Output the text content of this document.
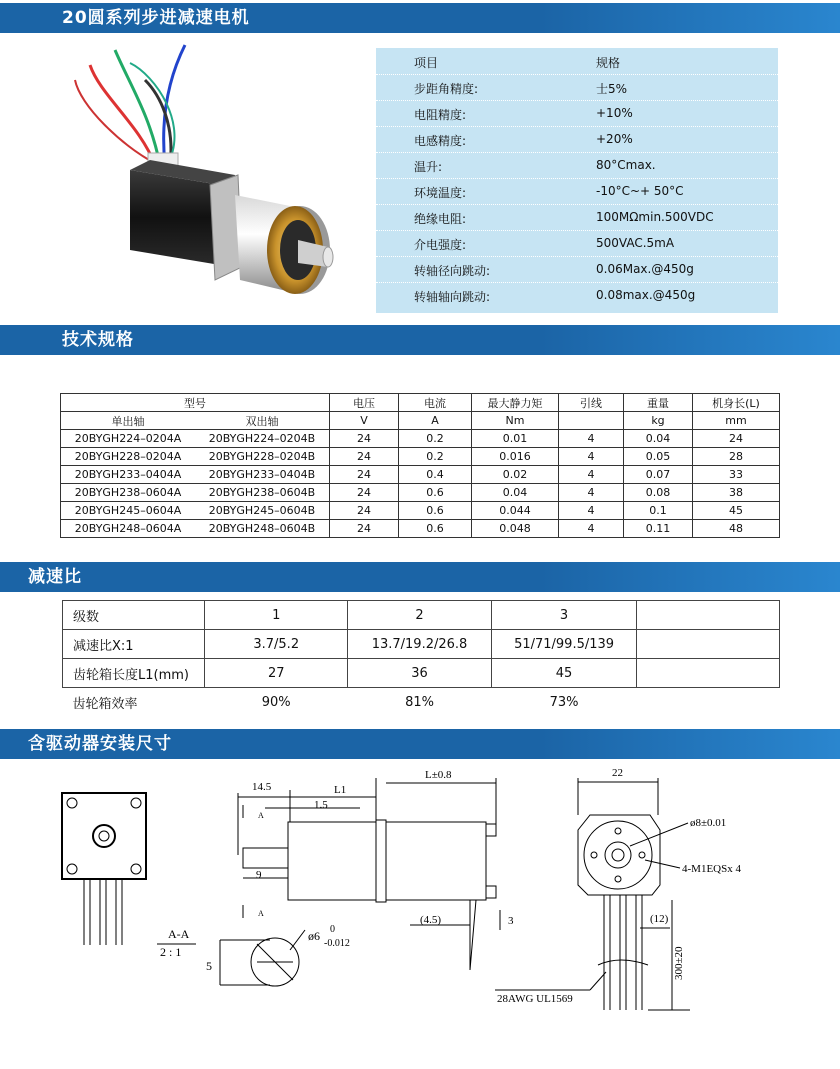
20圆系列步进减速电机
项目	规格
步距角精度:	士5%
电阻精度:	+10%
电感精度:	+20%
温升:	80°Cmax.
环境温度:	-10°C~+ 50°C
绝缘电阻:	100MΩmin.500VDC
介电强度:	500VAC.5mA
转轴径向跳动:	0.06Max.@450g
转轴轴向跳动:	0.08max.@450g
技术规格
型号		电压	电流	最大静力矩	引线	重量	机身长(L)
单出轴	双出轴	V	A	Nm		kg	mm
20BYGH224–0204A	20BYGH224–0204B	24	0.2	0.01	4	0.04	24
20BYGH228–0204A	20BYGH228–0204B	24	0.2	0.016	4	0.05	28
20BYGH233–0404A	20BYGH233–0404B	24	0.4	0.02	4	0.07	33
20BYGH238–0604A	20BYGH238–0604B	24	0.6	0.04	4	0.08	38
20BYGH245–0604A	20BYGH245–0604B	24	0.6	0.044	4	0.1	45
20BYGH248–0604A	20BYGH248–0604B	24	0.6	0.048	4	0.11	48
减速比
级数	1	2	3	
减速比X:1	3.7/5.2	13.7/19.2/26.8	51/71/99.5/139	
齿轮箱长度L1(mm)	27	36	45	
齿轮箱效率	90%	81%	73%	
含驱动器安装尺寸
14.5	L1
L±0.8
1.5
A
A
9
(4.5)	3
A-A
2 : 1
ø6 0
-0.012
5
22
ø8±0.01
4-M1EQSx 4
(12)
300±20
28AWG UL1569
